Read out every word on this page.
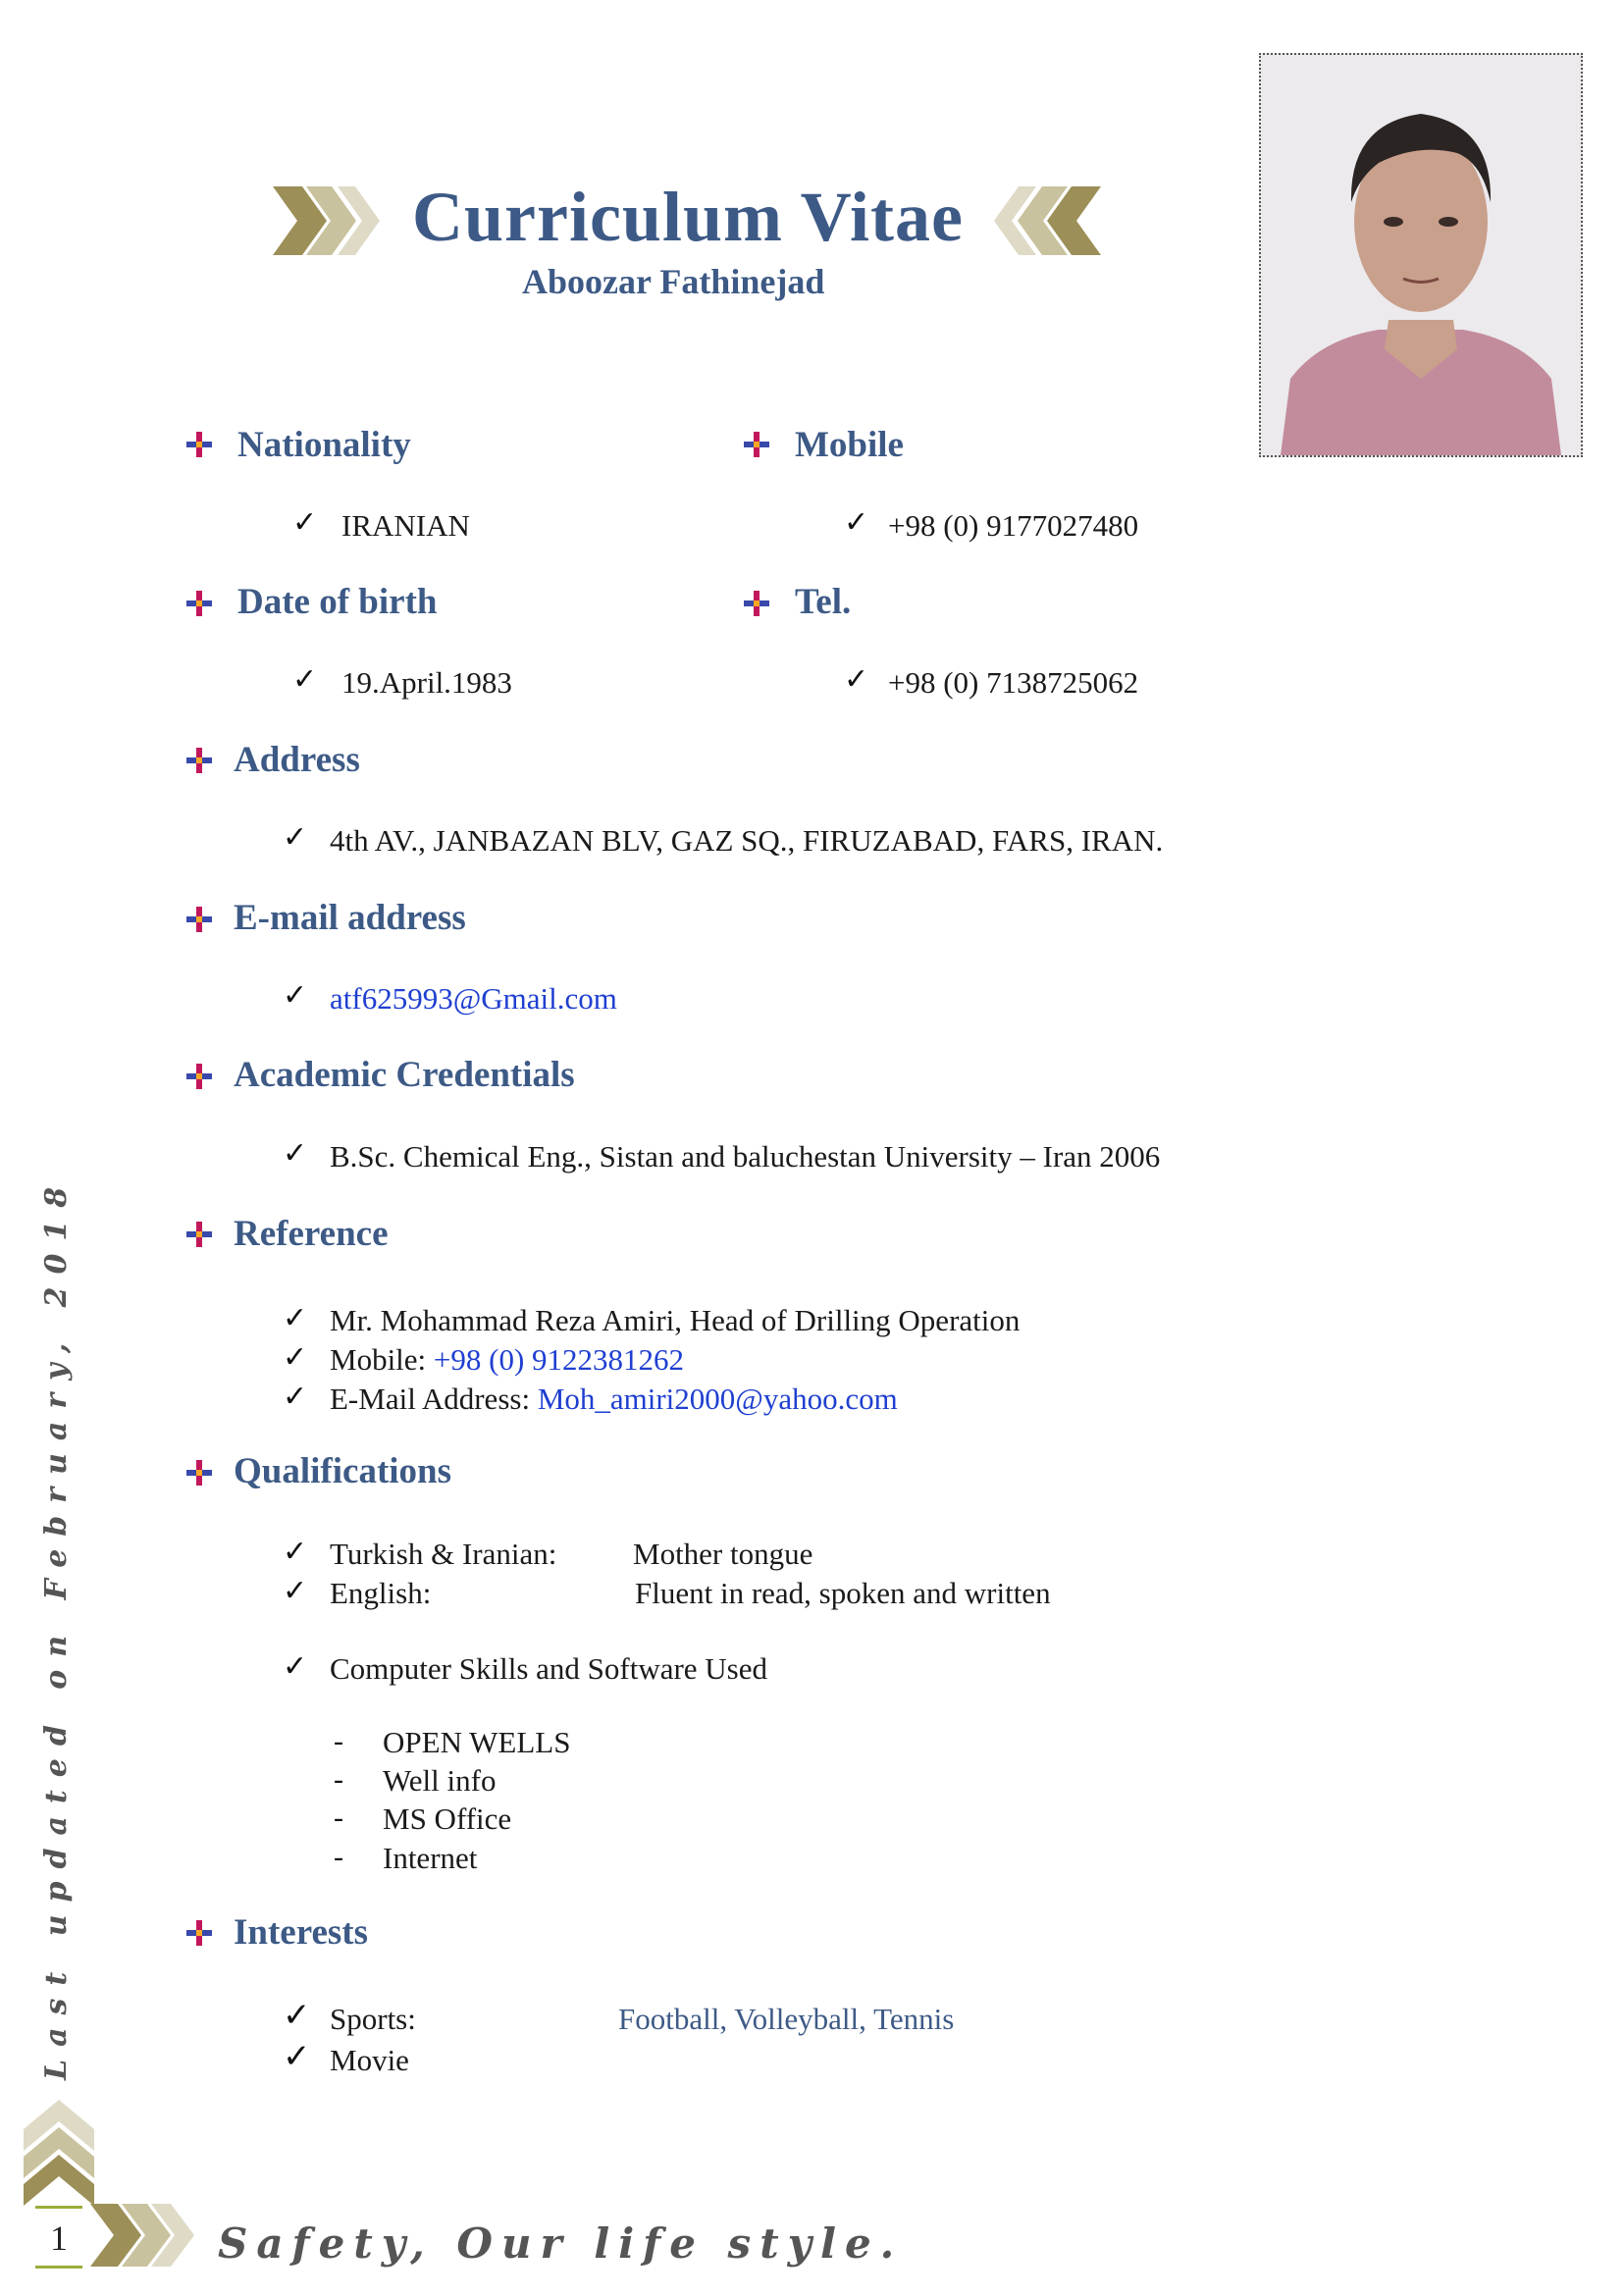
Curriculum Vitae
Aboozar Fathinejad
Nationality
✓ IRANIAN
Mobile
✓ +98 (0) 9177027480
Date of birth
✓ 19.April.1983
Tel.
✓ +98 (0) 7138725062
Address
✓ 4th AV., JANBAZAN BLV, GAZ SQ., FIRUZABAD, FARS, IRAN.
E-mail address
✓ atf625993@Gmail.com
Academic Credentials
✓ B.Sc. Chemical Eng., Sistan and baluchestan University – Iran 2006
Reference
✓ Mr. Mohammad Reza Amiri, Head of Drilling Operation
✓ Mobile: +98 (0) 9122381262
✓ E-Mail Address: Moh_amiri2000@yahoo.com
Qualifications
✓ Turkish & Iranian:	Mother tongue
✓ English:	Fluent in read, spoken and written
✓ Computer Skills and Software Used
- OPEN WELLS
- Well info
- MS Office
- Internet
Interests
✓ Sports:	Football, Volleyball, Tennis
✓ Movie
Last updated on February, 2018
1	Safety, Our life style.
